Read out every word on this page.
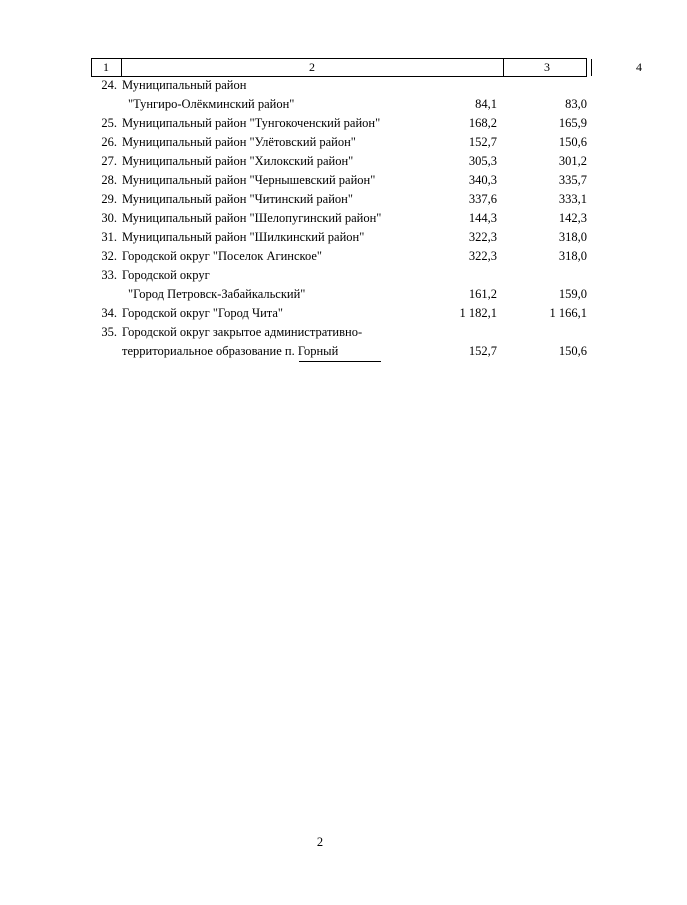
1	2	3	4
24. Муниципальный район
"Тунгиро-Олёкминский район"	84,1	83,0
25. Муниципальный район "Тунгокоченский район"	168,2	165,9
26. Муниципальный район "Улётовский район"	152,7	150,6
27. Муниципальный район "Хилокский район"	305,3	301,2
28. Муниципальный район "Чернышевский район"	340,3	335,7
29. Муниципальный район "Читинский район"	337,6	333,1
30. Муниципальный район "Шелопугинский район"	144,3	142,3
31. Муниципальный район "Шилкинский район"	322,3	318,0
32. Городской округ "Поселок Агинское"	322,3	318,0
33. Городской округ
"Город Петровск-Забайкальский"	161,2	159,0
34. Городской округ "Город Чита"	1 182,1	1 166,1
35. Городской округ закрытое административно-
территориальное образование п. Горный	152,7	150,6
2
